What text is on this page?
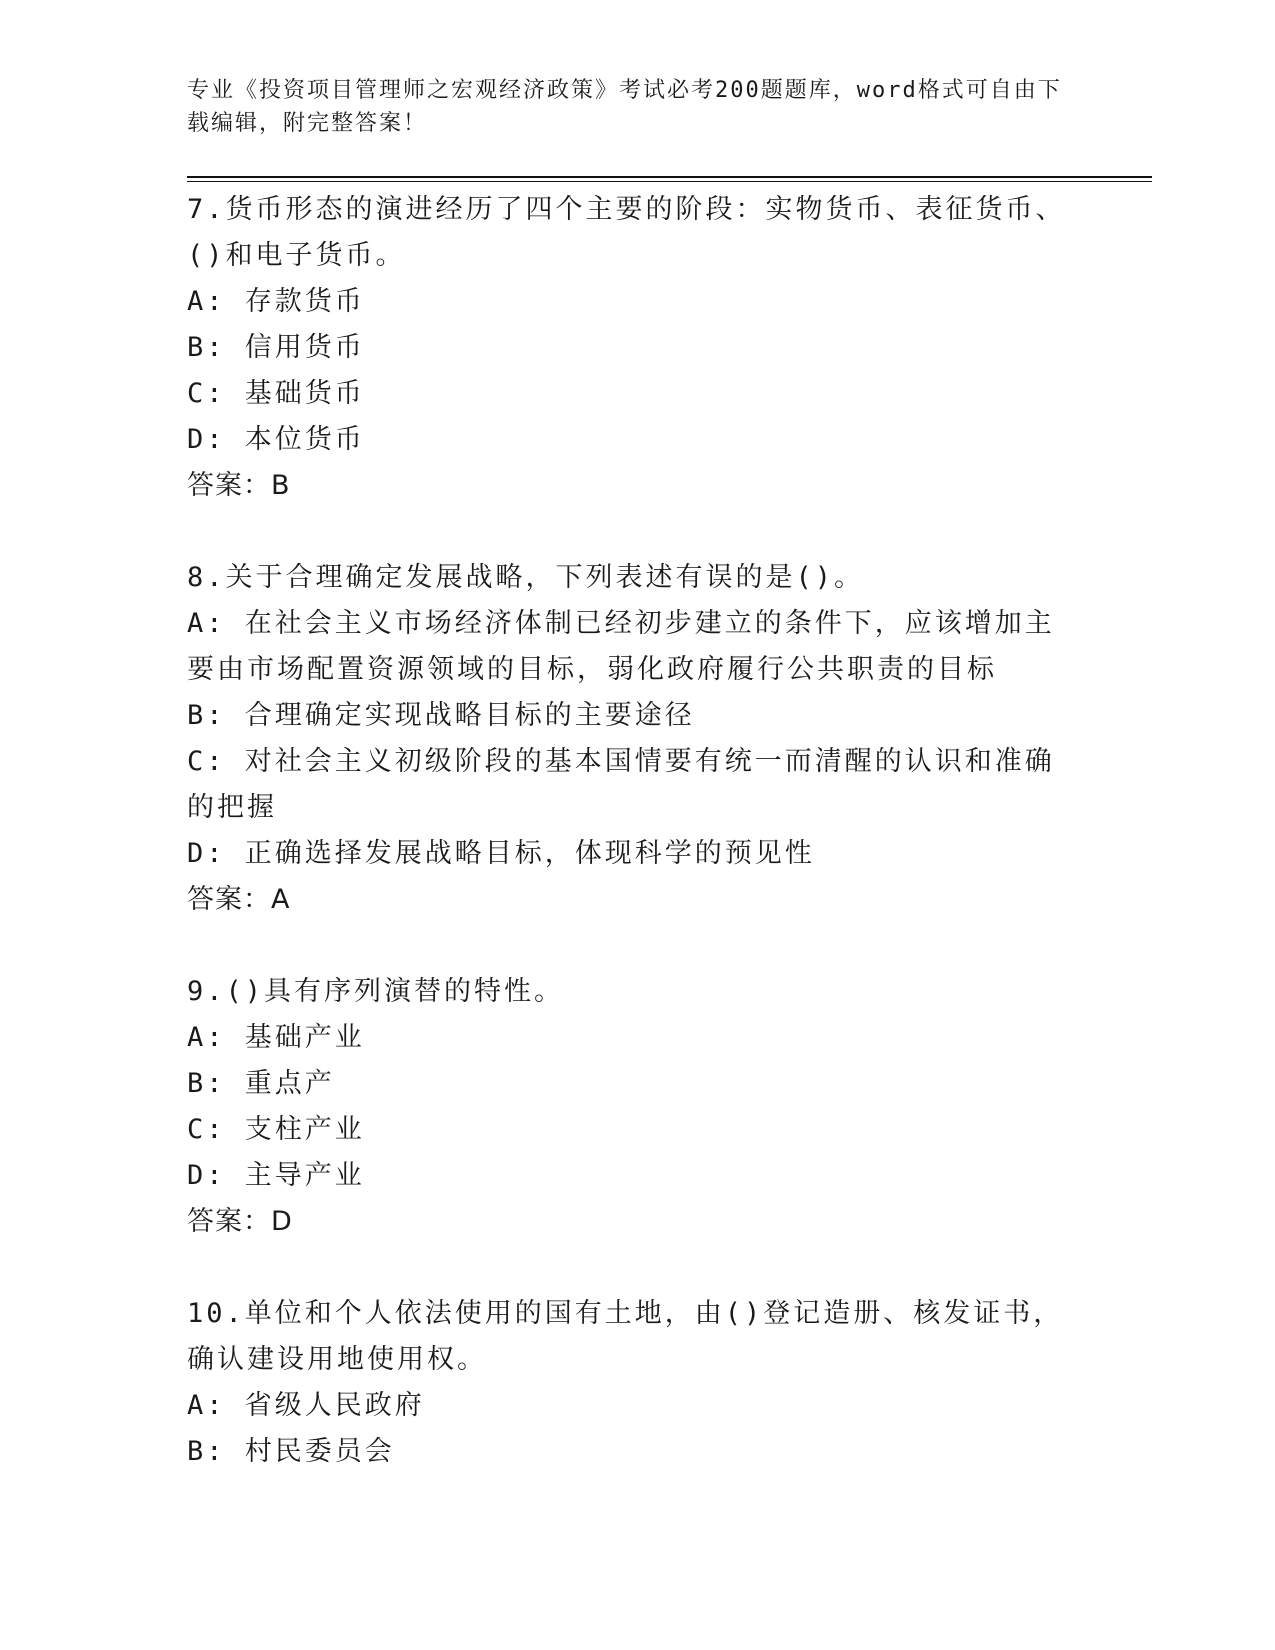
专业《投资项目管理师之宏观经济政策》考试必考200题题库，word格式可自由下载编辑，附完整答案！
7.货币形态的演进经历了四个主要的阶段：实物货币、表征货币、()和电子货币。
A: 存款货币
B: 信用货币
C: 基础货币
D: 本位货币
答案：B
8.关于合理确定发展战略，下列表述有误的是()。
A: 在社会主义市场经济体制已经初步建立的条件下，应该增加主要由市场配置资源领域的目标，弱化政府履行公共职责的目标
B: 合理确定实现战略目标的主要途径
C: 对社会主义初级阶段的基本国情要有统一而清醒的认识和准确的把握
D: 正确选择发展战略目标，体现科学的预见性
答案：A
9.()具有序列演替的特性。
A: 基础产业
B: 重点产
C: 支柱产业
D: 主导产业
答案：D
10.单位和个人依法使用的国有土地，由()登记造册、核发证书，确认建设用地使用权。
A: 省级人民政府
B: 村民委员会
